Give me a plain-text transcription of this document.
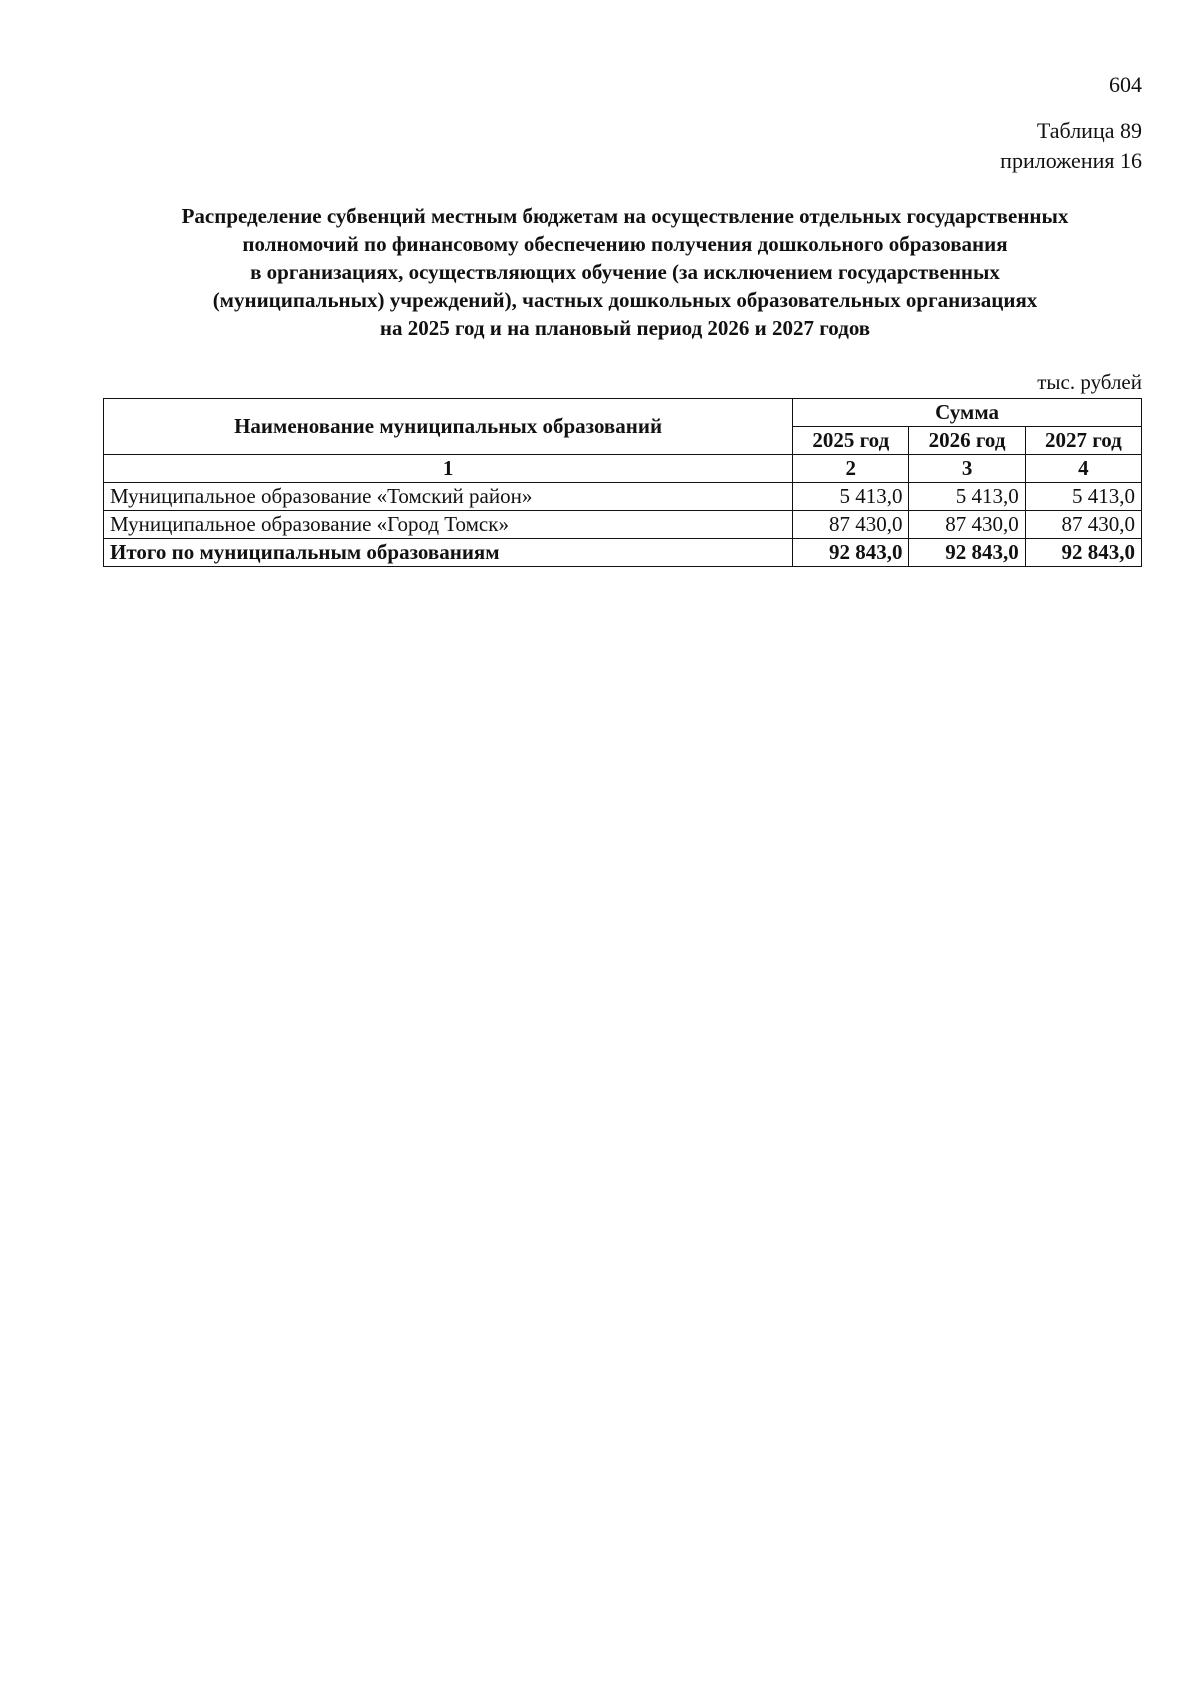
604
Таблица 89
приложения 16
Распределение субвенций местным бюджетам на осуществление отдельных государственных
полномочий по финансовому обеспечению получения дошкольного образования
в организациях, осуществляющих обучение (за исключением государственных
(муниципальных) учреждений), частных дошкольных образовательных организациях
на 2025 год и на плановый период 2026 и 2027 годов
тыс. рублей
Наименование муниципальных образований	Сумма		
	2025 год	2026 год	2027 год
1	2	3	4
Муниципальное образование «Томский район»	5 413,0	5 413,0	5 413,0
Муниципальное образование «Город Томск»	87 430,0	87 430,0	87 430,0
Итого по муниципальным образованиям	92 843,0	92 843,0	92 843,0
